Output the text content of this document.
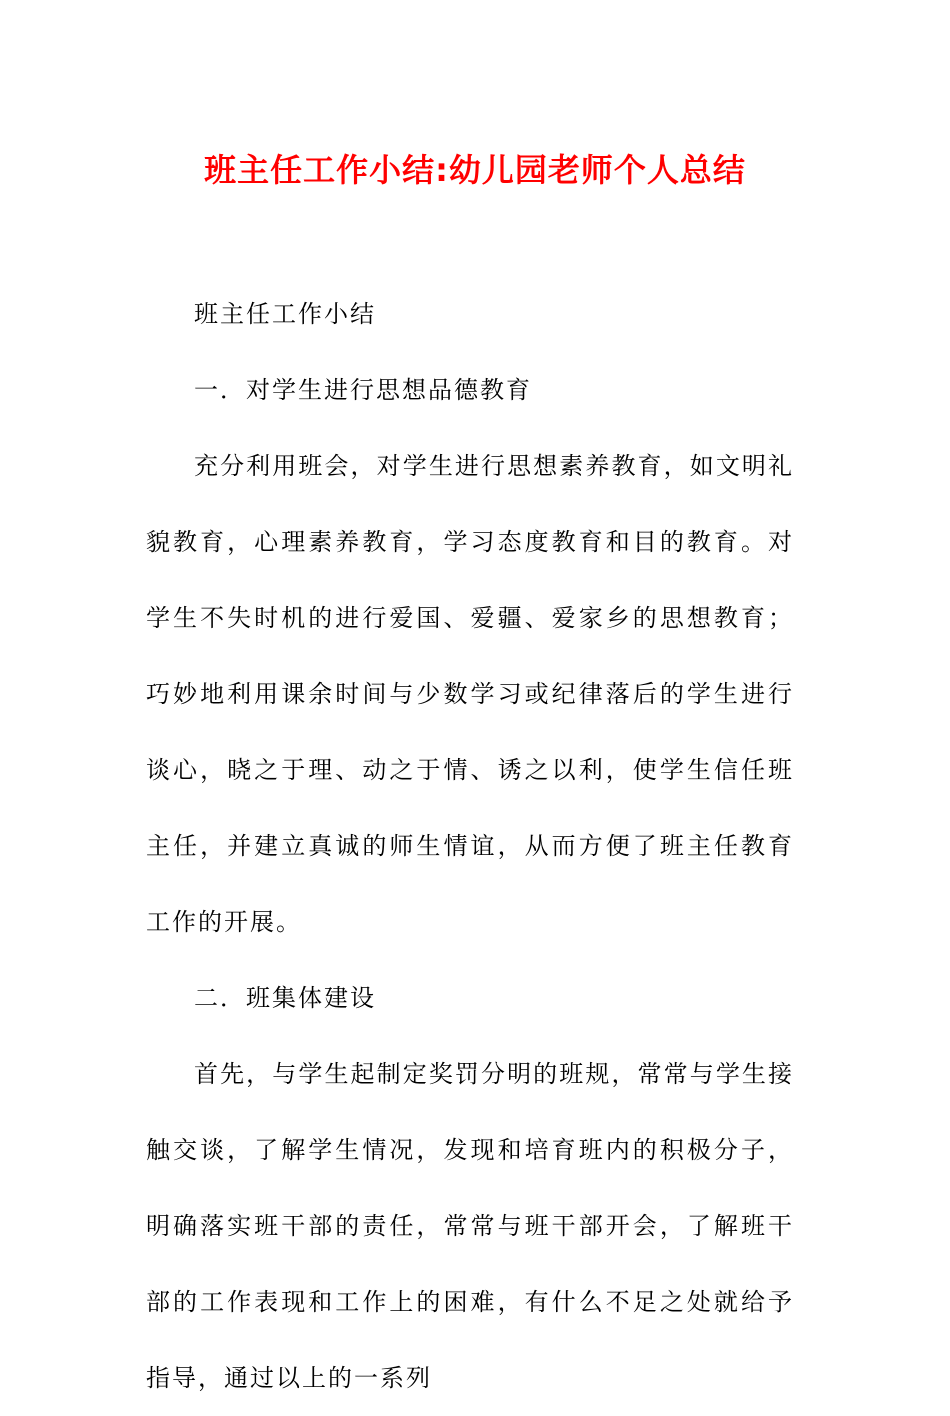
班主任工作小结:幼儿园老师个人总结

班主任工作小结

一．对学生进行思想品德教育

充分利用班会，对学生进行思想素养教育，如文明礼貌教育，心理素养教育，学习态度教育和目的教育。对学生不失时机的进行爱国、爱疆、爱家乡的思想教育；巧妙地利用课余时间与少数学习或纪律落后的学生进行谈心，晓之于理、动之于情、诱之以利，使学生信任班主任，并建立真诚的师生情谊，从而方便了班主任教育工作的开展。

二．班集体建设

首先，与学生起制定奖罚分明的班规，常常与学生接触交谈，了解学生情况，发现和培育班内的积极分子，明确落实班干部的责任，常常与班干部开会，了解班干部的工作表现和工作上的困难，有什么不足之处就给予指导，通过以上的一系列
